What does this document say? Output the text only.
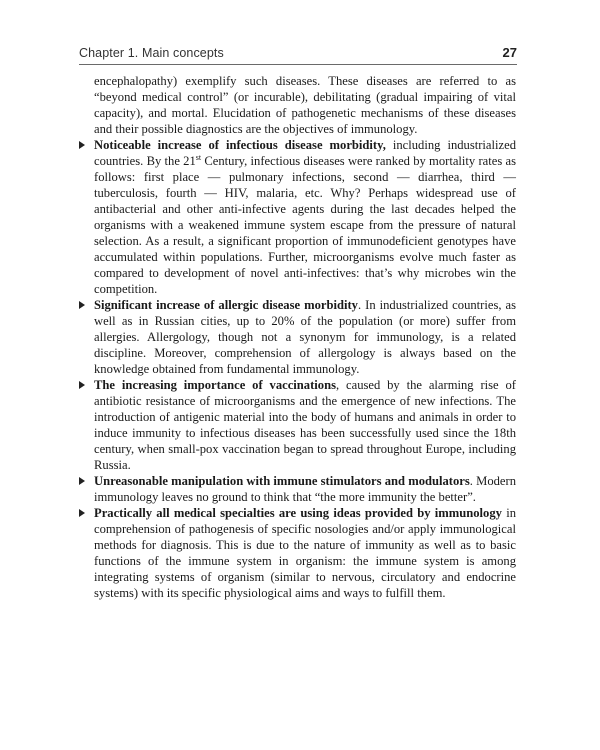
Chapter 1. Main concepts	27

encephalopathy) exemplify such diseases. These diseases are referred to as “beyond medical control” (or incurable), debilitating (gradual impairing of vital capacity), and mortal. Elucidation of pathogenetic mechanisms of these diseases and their possible diagnostics are the objectives of immunology.

Noticeable increase of infectious disease morbidity, including industrialized countries. By the 21st Century, infectious diseases were ranked by mortality rates as follows: first place — pulmonary infections, second — diarrhea, third — tuberculosis, fourth — HIV, malaria, etc. Why? Perhaps widespread use of antibacterial and other anti-infective agents during the last decades helped the organisms with a weakened immune system escape from the pressure of natural selection. As a result, a significant proportion of immunodeficient genotypes have accumulated within populations. Further, microorganisms evolve much faster as compared to development of novel anti-infectives: that’s why microbes win the competition.

Significant increase of allergic disease morbidity. In industrialized countries, as well as in Russian cities, up to 20% of the population (or more) suffer from allergies. Allergology, though not a synonym for immunology, is a related discipline. Moreover, comprehension of allergology is always based on the knowledge obtained from fundamental immunology.

The increasing importance of vaccinations, caused by the alarming rise of antibiotic resistance of microorganisms and the emergence of new infections. The introduction of antigenic material into the body of humans and animals in order to induce immunity to infectious diseases has been successfully used since the 18th century, when small-pox vaccination began to spread throughout Europe, including Russia.

Unreasonable manipulation with immune stimulators and modulators. Modern immunology leaves no ground to think that “the more immunity the better”.

Practically all medical specialties are using ideas provided by immunology in comprehension of pathogenesis of specific nosologies and/or apply immunological methods for diagnosis. This is due to the nature of immunity as well as to basic functions of the immune system in organism: the immune system is among integrating systems of organism (similar to nervous, circulatory and endocrine systems) with its specific physiological aims and ways to fulfill them.
